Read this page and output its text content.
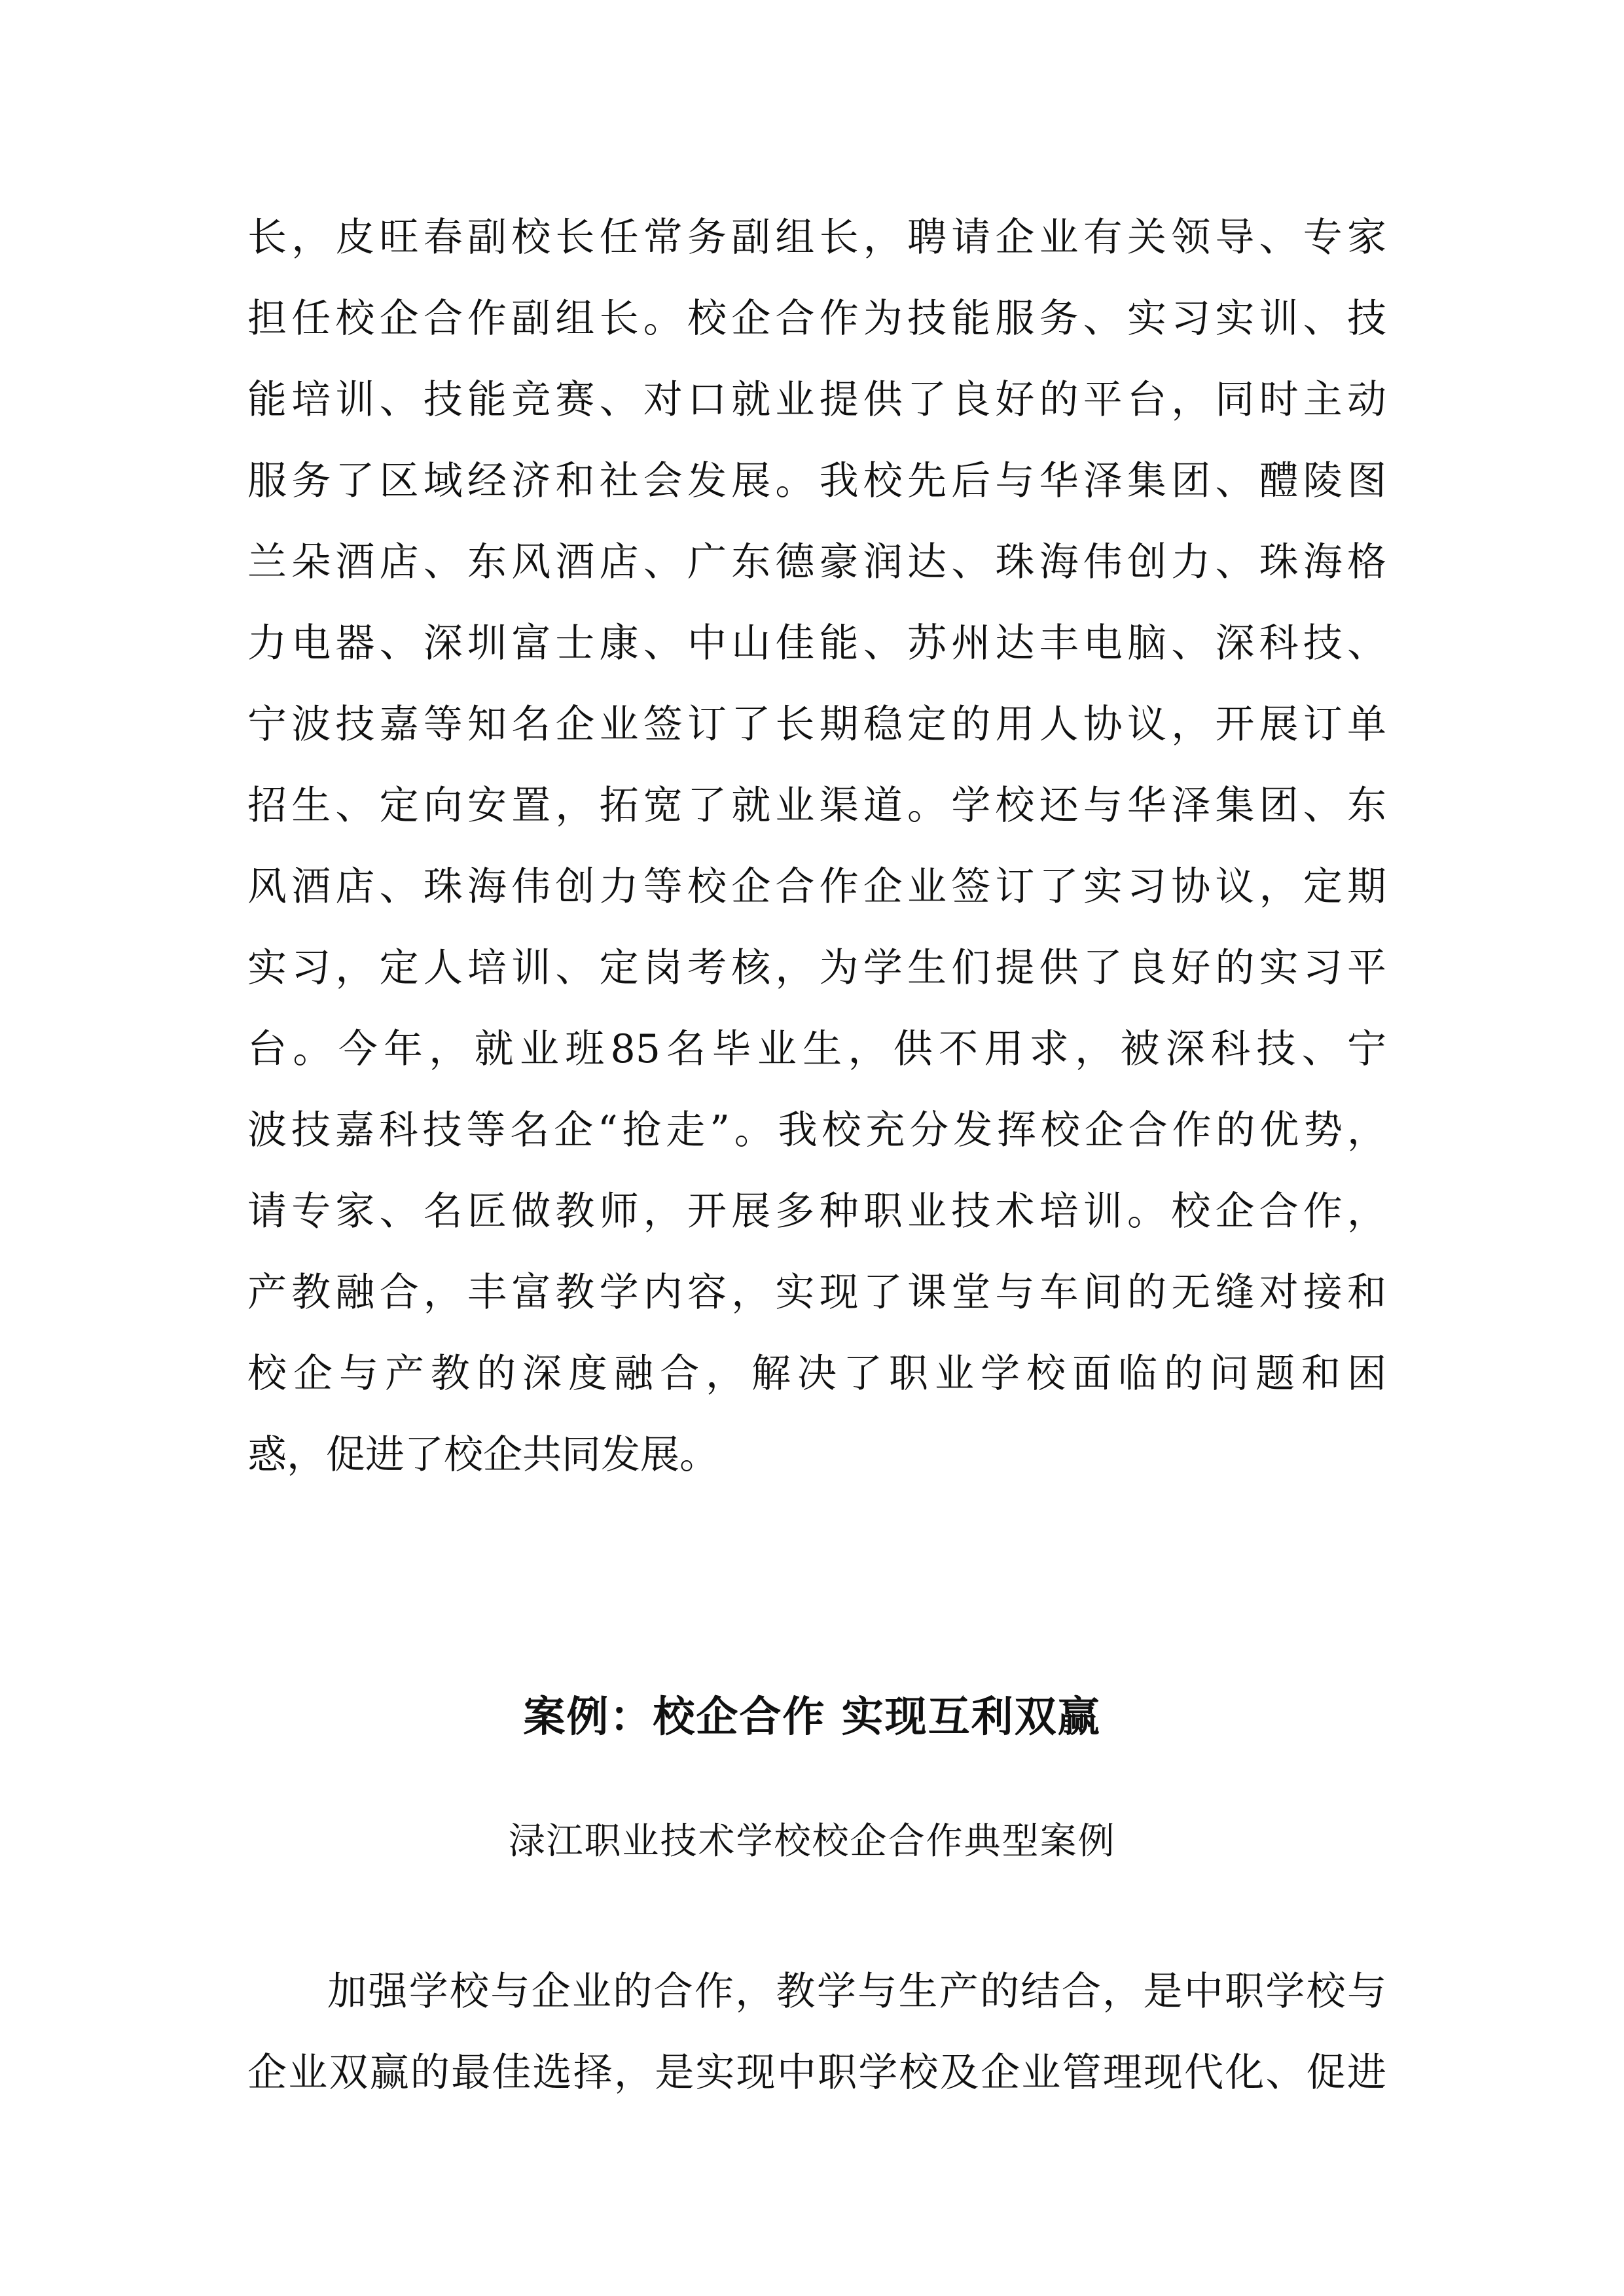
长，皮旺春副校长任常务副组长，聘请企业有关领导、专家
担任校企合作副组长。校企合作为技能服务、实习实训、技
能培训、技能竞赛、对口就业提供了良好的平台，同时主动
服务了区域经济和社会发展。我校先后与华泽集团、醴陵图
兰朵酒店、东风酒店、广东德豪润达、珠海伟创力、珠海格
力电器、深圳富士康、中山佳能、苏州达丰电脑、深科技、
宁波技嘉等知名企业签订了长期稳定的用人协议，开展订单
招生、定向安置，拓宽了就业渠道。学校还与华泽集团、东
风酒店、珠海伟创力等校企合作企业签订了实习协议，定期
实习，定人培训、定岗考核，为学生们提供了良好的实习平
台。今年，就业班85名毕业生，供不用求，被深科技、宁
波技嘉科技等名企“抢走”。我校充分发挥校企合作的优势，
请专家、名匠做教师，开展多种职业技术培训。校企合作，
产教融合，丰富教学内容，实现了课堂与车间的无缝对接和
校企与产教的深度融合，解决了职业学校面临的问题和困
惑，促进了校企共同发展。
案例：校企合作 实现互利双赢
渌江职业技术学校校企合作典型案例
加强学校与企业的合作，教学与生产的结合，是中职学校与
企业双赢的最佳选择，是实现中职学校及企业管理现代化、促进
